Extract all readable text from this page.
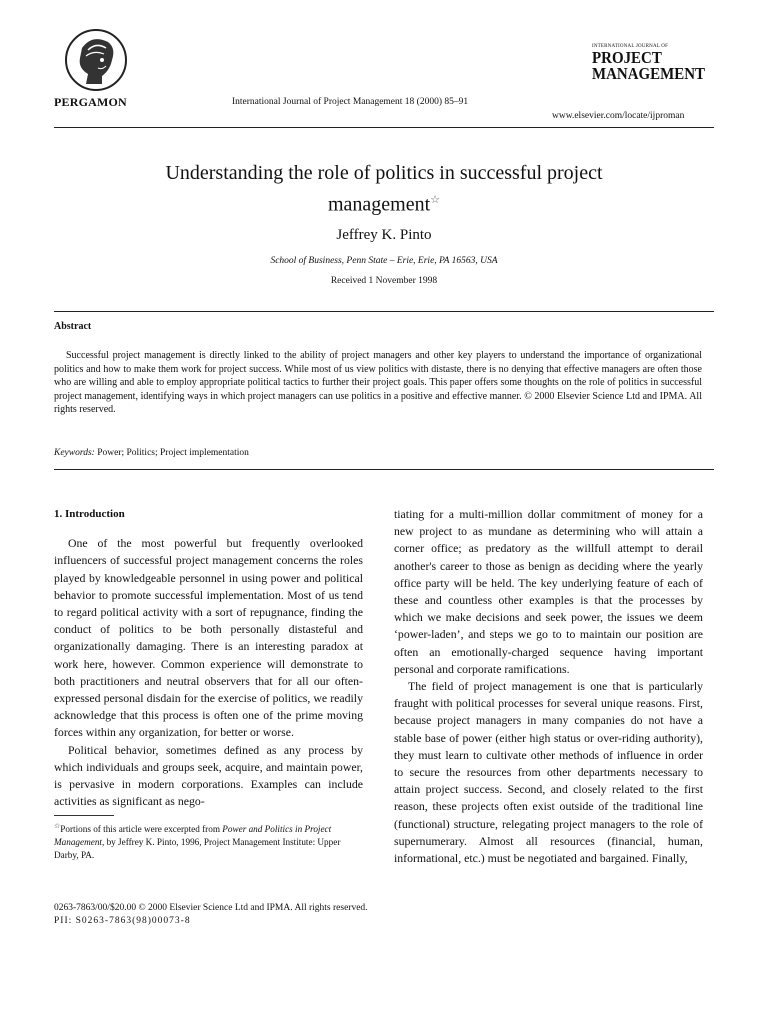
PERGAMON	International Journal of Project Management 18 (2000) 85–91
INTERNATIONAL JOURNAL OF
PROJECT
MANAGEMENT
www.elsevier.com/locate/ijproman
Understanding the role of politics in successful project
management☆
Jeffrey K. Pinto
School of Business, Penn State – Erie, Erie, PA 16563, USA
Received 1 November 1998
Abstract
Successful project management is directly linked to the ability of project managers and other key players to understand the importance of organizational politics and how to make them work for project success. While most of us view politics with distaste, there is no denying that effective managers are often those who are willing and able to employ appropriate political tactics to further their project goals. This paper offers some thoughts on the role of politics in successful project management, identifying ways in which project managers can use politics in a positive and effective manner. © 2000 Elsevier Science Ltd and IPMA. All rights reserved.
Keywords: Power; Politics; Project implementation

1. Introduction

One of the most powerful but frequently overlooked influencers of successful project management concerns the roles played by knowledgeable personnel in using power and political behavior to promote successful implementation. Most of us tend to regard political activity with a sort of repugnance, finding the conduct of politics to be both personally distasteful and organizationally damaging. There is an interesting paradox at work here, however. Common experience will demonstrate to both practitioners and neutral observers that for all our often-expressed personal disdain for the exercise of politics, we readily acknowledge that this process is often one of the prime moving forces within any organization, for better or worse.

Political behavior, sometimes defined as any process by which individuals and groups seek, acquire, and maintain power, is pervasive in modern corporations. Examples can include activities as significant as nego-

tiating for a multi-million dollar commitment of money for a new project to as mundane as determining who will attain a corner office; as predatory as the willfull attempt to derail another's career to those as benign as deciding where the yearly office party will be held. The key underlying feature of each of these and countless other examples is that the processes by which we make decisions and seek power, the issues we deem ‘power-laden’, and steps we go to to maintain our position are often an emotionally-charged sequence having important personal and corporate ramifications.

The field of project management is one that is particularly fraught with political processes for several unique reasons. First, because project managers in many companies do not have a stable base of power (either high status or over-riding authority), they must learn to cultivate other methods of influence in order to secure the resources from other departments necessary to attain project success. Second, and closely related to the first reason, these projects often exist outside of the traditional line (functional) structure, relegating project managers to the role of supernumerary. Almost all resources (financial, human, informational, etc.) must be negotiated and bargained. Finally,

☆Portions of this article were excerpted from Power and Politics in Project Management, by Jeffrey K. Pinto, 1996, Project Management Institute: Upper Darby, PA.
0263-7863/00/$20.00 © 2000 Elsevier Science Ltd and IPMA. All rights reserved.
PII: S0263-7863(98)00073-8
